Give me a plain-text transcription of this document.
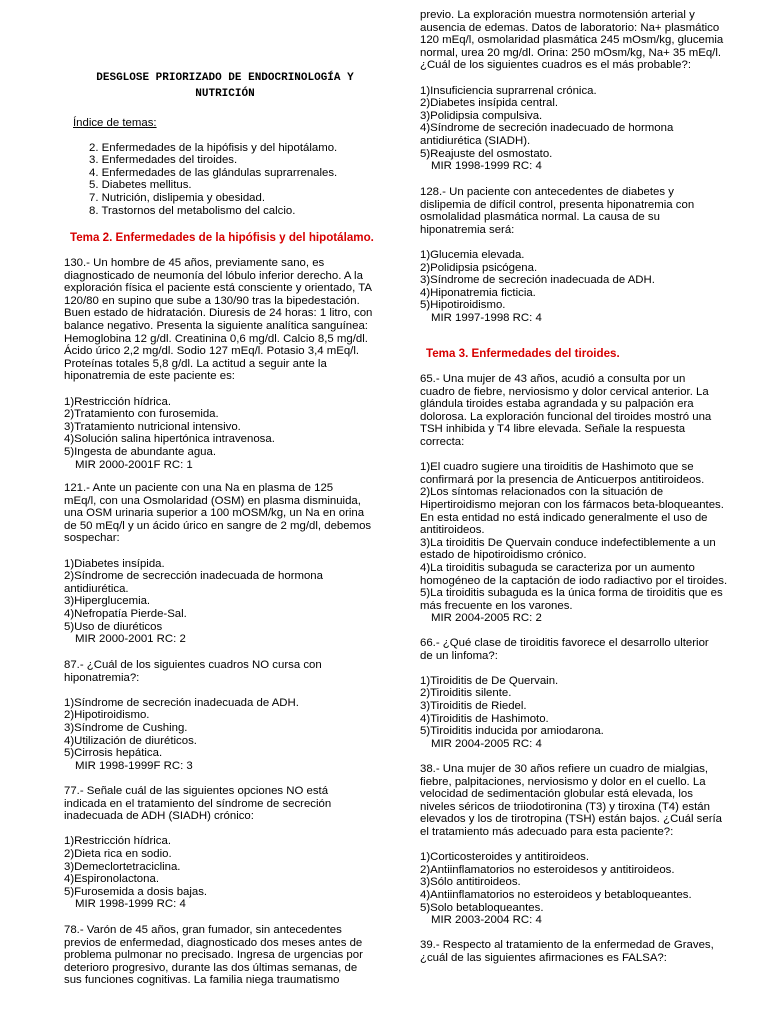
DESGLOSE PRIORIZADO DE ENDOCRINOLOGÍA Y
NUTRICIÓN
Índice de temas:
2. Enfermedades de la hipófisis y del hipotálamo.
3. Enfermedades del tiroides.
4. Enfermedades de las glándulas suprarrenales.
5. Diabetes mellitus.
7. Nutrición, dislipemia y obesidad.
8. Trastornos del metabolismo del calcio.
Tema 2. Enfermedades de la hipófisis y del hipotálamo.
130.- Un hombre de 45 años, previamente sano, es
diagnosticado de neumonía del lóbulo inferior derecho. A la
exploración física el paciente está consciente y orientado, TA
120/80 en supino que sube a 130/90 tras la bipedestación.
Buen estado de hidratación. Diuresis de 24 horas: 1 litro, con
balance negativo. Presenta la siguiente analítica sanguínea:
Hemoglobina 12 g/dl. Creatinina 0,6 mg/dl. Calcio 8,5 mg/dl.
Ácido úrico 2,2 mg/dl. Sodio 127 mEq/l. Potasio 3,4 mEq/l.
Proteínas totales 5,8 g/dl. La actitud a seguir ante la
hiponatremia de este paciente es:
1)Restricción hídrica.
2)Tratamiento con furosemida.
3)Tratamiento nutricional intensivo.
4)Solución salina hipertónica intravenosa.
5)Ingesta de abundante agua.
MIR 2000-2001F RC: 1
121.- Ante un paciente con una Na en plasma de 125
mEq/l, con una Osmolaridad (OSM) en plasma disminuida,
una OSM urinaria superior a 100 mOSM/kg, un Na en orina
de 50 mEq/l y un ácido úrico en sangre de 2 mg/dl, debemos
sospechar:
1)Diabetes insípida.
2)Síndrome de secrección inadecuada de hormona
antidiurética.
3)Hiperglucemia.
4)Nefropatía Pierde-Sal.
5)Uso de diuréticos
MIR 2000-2001 RC: 2
87.- ¿Cuál de los siguientes cuadros NO cursa con
hiponatremia?:
1)Síndrome de secreción inadecuada de ADH.
2)Hipotiroidismo.
3)Síndrome de Cushing.
4)Utilización de diuréticos.
5)Cirrosis hepática.
MIR 1998-1999F RC: 3
77.- Señale cuál de las siguientes opciones NO está
indicada en el tratamiento del síndrome de secreción
inadecuada de ADH (SIADH) crónico:
1)Restricción hídrica.
2)Dieta rica en sodio.
3)Demeclortetraciclina.
4)Espironolactona.
5)Furosemida a dosis bajas.
MIR 1998-1999 RC: 4
78.- Varón de 45 años, gran fumador, sin antecedentes
previos de enfermedad, diagnosticado dos meses antes de
problema pulmonar no precisado. Ingresa de urgencias por
deterioro progresivo, durante las dos últimas semanas, de
sus funciones cognitivas. La familia niega traumatismo
previo. La exploración muestra normotensión arterial y
ausencia de edemas. Datos de laboratorio: Na+ plasmático
120 mEq/l, osmolaridad plasmática 245 mOsm/kg, glucemia
normal, urea 20 mg/dl. Orina: 250 mOsm/kg, Na+ 35 mEq/l.
¿Cuál de los siguientes cuadros es el más probable?:
1)Insuficiencia suprarrenal crónica.
2)Diabetes insípida central.
3)Polidipsia compulsiva.
4)Síndrome de secreción inadecuado de hormona
antidiurética (SIADH).
5)Reajuste del osmostato.
MIR 1998-1999 RC: 4
128.- Un paciente con antecedentes de diabetes y
dislipemia de difícil control, presenta hiponatremia con
osmolalidad plasmática normal. La causa de su
hiponatremia será:
1)Glucemia elevada.
2)Polidipsia psicógena.
3)Síndrome de secreción inadecuada de ADH.
4)Hiponatremia ficticia.
5)Hipotiroidismo.
MIR 1997-1998 RC: 4
Tema 3. Enfermedades del tiroides.
65.- Una mujer de 43 años, acudió a consulta por un
cuadro de fiebre, nerviosismo y dolor cervical anterior. La
glándula tiroides estaba agrandada y su palpación era
dolorosa. La exploración funcional del tiroides mostró una
TSH inhibida y T4 libre elevada. Señale la respuesta
correcta:
1)El cuadro sugiere una tiroiditis de Hashimoto que se
confirmará por la presencia de Anticuerpos antitiroideos.
2)Los síntomas relacionados con la situación de
Hipertiroidismo mejoran con los fármacos beta-bloqueantes.
En esta entidad no está indicado generalmente el uso de
antitiroideos.
3)La tiroiditis De Quervain conduce indefectiblemente a un
estado de hipotiroidismo crónico.
4)La tiroiditis subaguda se caracteriza por un aumento
homogéneo de la captación de iodo radiactivo por el tiroides.
5)La tiroiditis subaguda es la única forma de tiroiditis que es
más frecuente en los varones.
MIR 2004-2005 RC: 2
66.- ¿Qué clase de tiroiditis favorece el desarrollo ulterior
de un linfoma?:
1)Tiroiditis de De Quervain.
2)Tiroiditis silente.
3)Tiroiditis de Riedel.
4)Tiroiditis de Hashimoto.
5)Tiroiditis inducida por amiodarona.
MIR 2004-2005 RC: 4
38.- Una mujer de 30 años refiere un cuadro de mialgias,
fiebre, palpitaciones, nerviosismo y dolor en el cuello. La
velocidad de sedimentación globular está elevada, los
niveles séricos de triiodotironina (T3) y tiroxina (T4) están
elevados y los de tirotropina (TSH) están bajos. ¿Cuál sería
el tratamiento más adecuado para esta paciente?:
1)Corticosteroides y antitiroideos.
2)Antiinflamatorios no esteroidesos y antitiroideos.
3)Sólo antitiroideos.
4)Antiinflamatorios no esteroideos y betabloqueantes.
5)Solo betabloqueantes.
MIR 2003-2004 RC: 4
39.- Respecto al tratamiento de la enfermedad de Graves,
¿cuál de las siguientes afirmaciones es FALSA?:
